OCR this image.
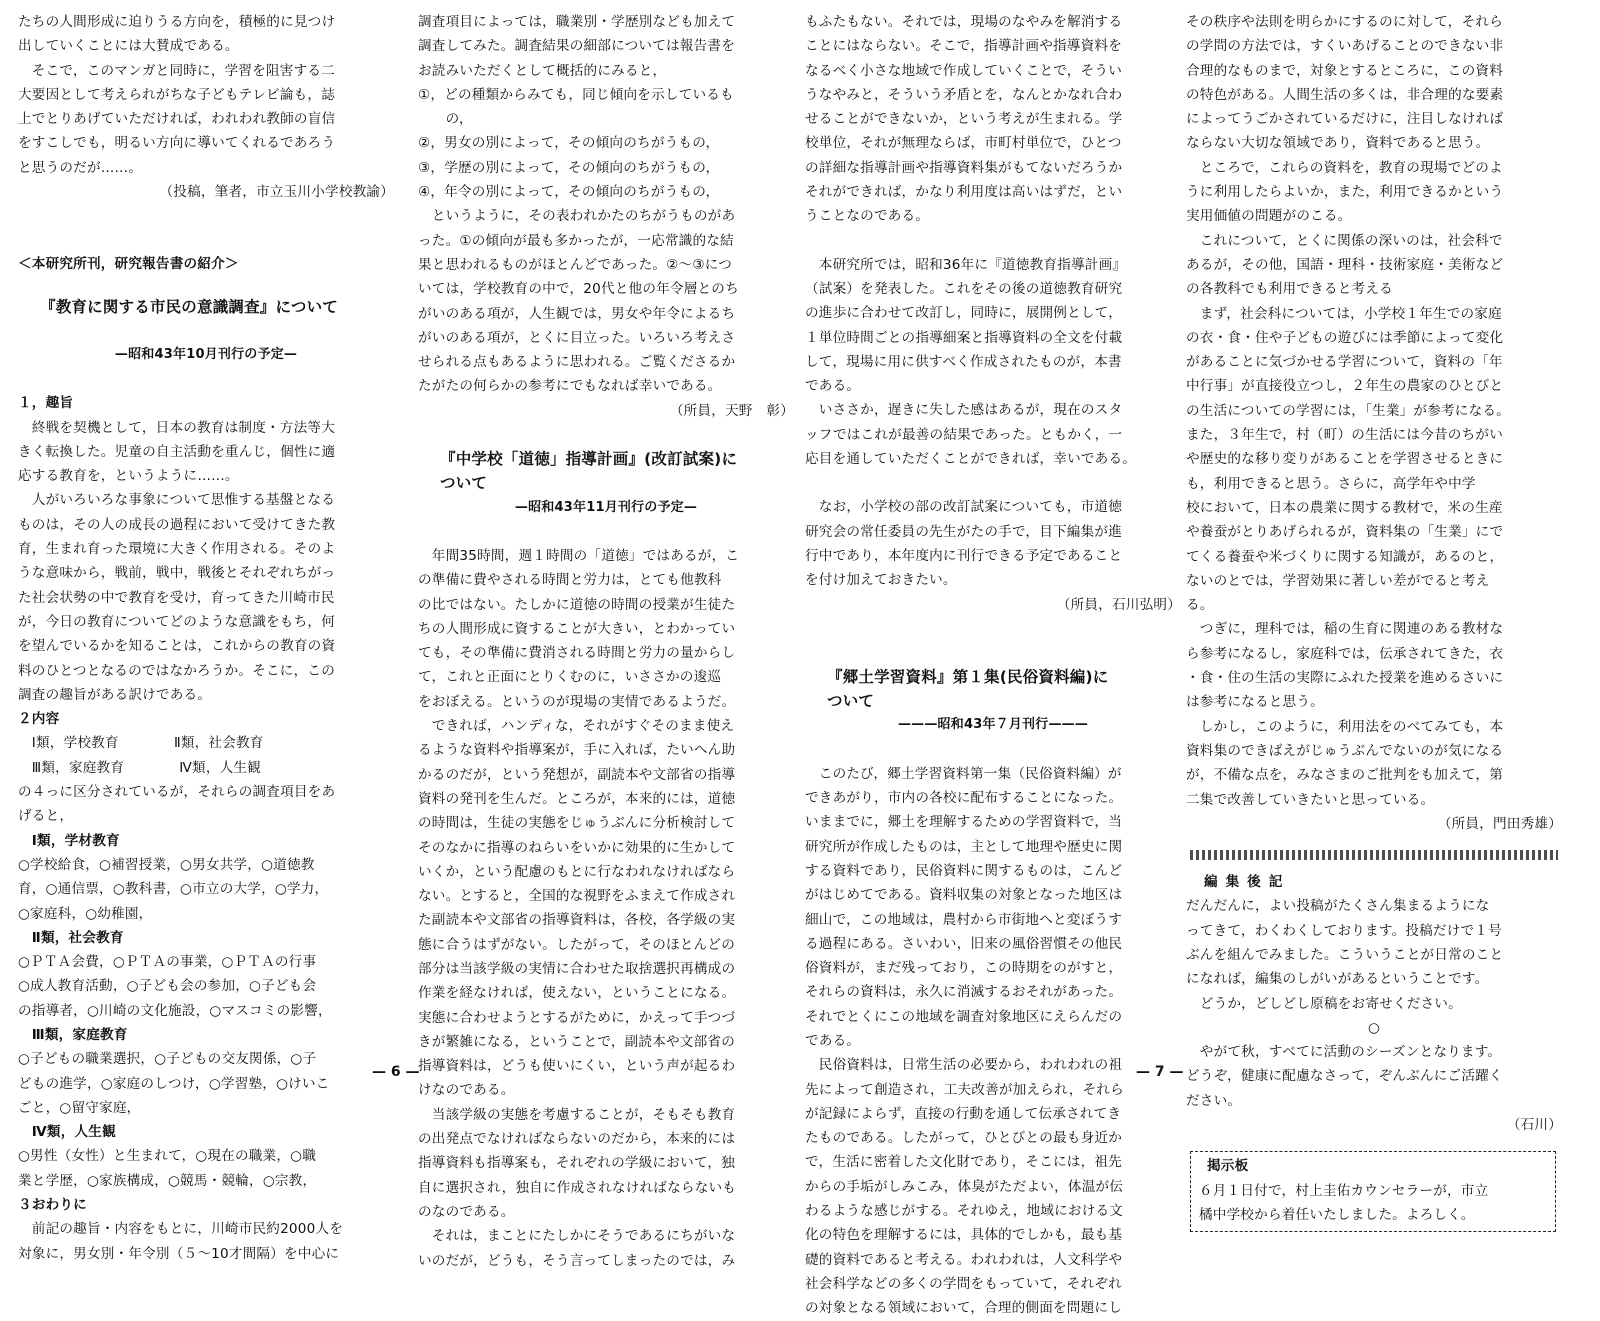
たちの人間形成に迫りうる方向を，積極的に見つけ

出していくことには大賛成である。

　そこで，このマンガと同時に，学習を阻害する二

大要因として考えられがちな子どもテレビ論も，誌

上でとりあげていただければ，われわれ教師の盲信

をすこしでも，明るい方向に導いてくれるであろう

と思うのだが……。

（投稿，筆者，市立玉川小学校教諭）

＜本研究所刊，研究報告書の紹介＞

『教育に関する市民の意識調査』について

—昭和43年10月刊行の予定—

１，趣旨

　終戦を契機として，日本の教育は制度・方法等大

きく転換した。児童の自主活動を重んじ，個性に適

応する教育を，というように……。

　人がいろいろな事象について思惟する基盤となる

ものは，その人の成長の過程において受けてきた教

育，生まれ育った環境に大きく作用される。そのよ

うな意味から，戦前，戦中，戦後とそれぞれちがっ

た社会状勢の中で教育を受け，育ってきた川崎市民

が，今日の教育についてどのような意識をもち，何

を望んでいるかを知ることは，これからの教育の資

料のひとつとなるのではなかろうか。そこに，この

調査の趣旨がある訳けである。

２内容

　Ⅰ類，学校教育　　　　Ⅱ類，社会教育

　Ⅲ類，家庭教育　　　　Ⅳ類，人生観

の４っに区分されているが，それらの調査項目をあ

げると，

　Ⅰ類，学材教育

○学校給食，○補習授業，○男女共学，○道徳教

育，○通信票，○教科書，○市立の大学，○学力，

○家庭科，○幼稚園，

　Ⅱ類，社会教育

○ＰＴＡ会費，○ＰＴＡの事業，○ＰＴＡの行事

○成人教育活動，○子ども会の参加，○子ども会

の指導者，○川崎の文化施設，○マスコミの影響，

　Ⅲ類，家庭教育

○子どもの職業選択，○子どもの交友関係，○子

どもの進学，○家庭のしつけ，○学習塾，○けいこ

ごと，○留守家庭，

　Ⅳ類，人生観

○男性（女性）と生まれて，○現在の職業，○職

業と学歴，○家族構成，○競馬・競輪，○宗教，

３おわりに

　前記の趣旨・内容をもとに，川崎市民約2000人を

対象に，男女別・年令別（５～10才間隔）を中心に

調査項目によっては，職業別・学歴別なども加えて

調査してみた。調査結果の細部については報告書を

お読みいただくとして概括的にみると，

①，どの種類からみても，同じ傾向を示しているも

　　の，

②，男女の別によって，その傾向のちがうもの，

③，学歴の別によって，その傾向のちがうもの，

④，年令の別によって，その傾向のちがうもの，

　というように，その表われかたのちがうものがあ

った。①の傾向が最も多かったが，一応常識的な結

果と思われるものがほとんどであった。②～③につ

いては，学校教育の中で，20代と他の年令層とのち

がいのある項が，人生観では，男女や年令によるち

がいのある項が，とくに目立った。いろいろ考えさ

せられる点もあるように思われる。ご覧くださるか

たがたの何らかの参考にでもなれば幸いである。

（所員，天野　彰）

『中学校「道徳」指導計画』(改訂試案)に

ついて

—昭和43年11月刊行の予定—

　年間35時間，週１時間の「道徳」ではあるが，こ

の準備に費やされる時間と労力は，とても他教科

の比ではない。たしかに道徳の時間の授業が生徒た

ちの人間形成に資することが大きい，とわかってい

ても，その準備に費消される時間と労力の量からし

て，これと正面にとりくむのに，いささかの逡巡

をおぼえる。というのが現場の実情であるようだ。

　できれば，ハンディな，それがすぐそのまま使え

るような資料や指導案が，手に入れば，たいへん助

かるのだが，という発想が，副読本や文部省の指導

資料の発刊を生んだ。ところが，本来的には，道徳

の時間は，生徒の実態をじゅうぶんに分析検討して

そのなかに指導のねらいをいかに効果的に生かして

いくか，という配慮のもとに行なわれなければなら

ない。とすると，全国的な視野をふまえて作成され

た副読本や文部省の指導資料は，各校，各学級の実

態に合うはずがない。したがって，そのほとんどの

部分は当該学級の実情に合わせた取捨選択再構成の

作業を経なければ，使えない，ということになる。

実態に合わせようとするがために，かえって手つづ

きが繁雑になる，ということで，副読本や文部省の

指導資料は，どうも使いにくい，という声が起るわ

けなのである。

　当該学級の実態を考慮することが，そもそも教育

の出発点でなければならないのだから，本来的には

指導資料も指導案も，それぞれの学級において，独

自に選択され，独自に作成されなければならないも

のなのである。

　それは，まことにたしかにそうであるにちがいな

いのだが，どうも，そう言ってしまったのでは，み

もふたもない。それでは，現場のなやみを解消する

ことにはならない。そこで，指導計画や指導資料を

なるべく小さな地域で作成していくことで，そうい

うなやみと，そういう矛盾とを，なんとかなれ合わ

せることができないか，という考えが生まれる。学

校単位，それが無理ならば，市町村単位で，ひとつ

の詳細な指導計画や指導資料集がもてないだろうか

それができれば，かなり利用度は高いはずだ，とい

うことなのである。

　本研究所では，昭和36年に『道徳教育指導計画』

（試案）を発表した。これをその後の道徳教育研究

の進歩に合わせて改訂し，同時に，展開例として，

１単位時間ごとの指導細案と指導資料の全文を付載

して，現場に用に供すべく作成されたものが，本書

である。

　いささか，遅きに失した感はあるが，現在のスタ

ッフではこれが最善の結果であった。ともかく，一

応目を通していただくことができれば，幸いである。

　なお，小学校の部の改訂試案についても，市道徳

研究会の常任委員の先生がたの手で，目下編集が進

行中であり，本年度内に刊行できる予定であること

を付け加えておきたい。

（所員，石川弘明）

『郷土学習資料』第１集(民俗資料編)に

ついて

———昭和43年７月刊行———

　このたび，郷土学習資料第一集（民俗資料編）が

できあがり，市内の各校に配布することになった。

いままでに，郷土を理解するための学習資料で，当

研究所が作成したものは，主として地理や歴史に関

する資料であり，民俗資料に関するものは，こんど

がはじめてである。資料収集の対象となった地区は

細山で，この地域は，農村から市街地へと変ぼうす

る過程にある。さいわい，旧来の風俗習慣その他民

俗資料が，まだ残っており，この時期をのがすと，

それらの資料は，永久に消滅するおそれがあった。

それでとくにこの地域を調査対象地区にえらんだの

である。

　民俗資料は，日常生活の必要から，われわれの祖

先によって創造され，工夫改善が加えられ，それら

が記録によらず，直接の行動を通して伝承されてき

たものである。したがって，ひとびとの最も身近か

で，生活に密着した文化財であり，そこには，祖先

からの手垢がしみこみ，体臭がただよい，体温が伝

わるような感じがする。それゆえ，地域における文

化の特色を理解するには，具体的でしかも，最も基

礎的資料であると考える。われわれは，人文科学や

社会科学などの多くの学問をもっていて，それぞれ

の対象となる領域において，合理的側面を問題にし

その秩序や法則を明らかにするのに対して，それら

の学問の方法では，すくいあげることのできない非

合理的なものまで，対象とするところに，この資料

の特色がある。人間生活の多くは，非合理的な要素

によってうごかされているだけに，注目しなければ

ならない大切な領域であり，資料であると思う。

　ところで，これらの資料を，教育の現場でどのよ

うに利用したらよいか，また，利用できるかという

実用価値の問題がのこる。

　これについて，とくに関係の深いのは，社会科で

あるが，その他，国語・理科・技術家庭・美術など

の各教科でも利用できると考える

　まず，社会科については，小学校１年生での家庭

の衣・食・住や子どもの遊びには季節によって変化

があることに気づかせる学習について，資料の「年

中行事」が直接役立つし，２年生の農家のひとびと

の生活についての学習には，「生業」が参考になる。

また，３年生で，村（町）の生活には今昔のちがい

や歴史的な移り変りがあることを学習させるときに

も，利用できると思う。さらに，高学年や中学

校において，日本の農業に関する教材で，米の生産

や養蚕がとりあげられるが，資料集の「生業」にで

てくる養蚕や米づくりに関する知識が，あるのと，

ないのとでは，学習効果に著しい差がでると考え

る。

　つぎに，理科では，稲の生育に関連のある教材な

ら参考になるし，家庭科では，伝承されてきた，衣

・食・住の生活の実際にふれた授業を進めるさいに

は参考になると思う。

　しかし，このように，利用法をのべてみても，本

資料集のできばえがじゅうぶんでないのが気になる

が，不備な点を，みなさまのご批判をも加えて，第

二集で改善していきたいと思っている。

（所員，門田秀雄）

編集後記

だんだんに，よい投稿がたくさん集まるようにな

ってきて，わくわくしております。投稿だけで１号

ぶんを組んでみました。こういうことが日常のこと

になれば，編集のしがいがあるということです。

　どうか，どしどし原稿をお寄せください。

○

　やがて秋，すべてに活動のシーズンとなります。

どうぞ，健康に配慮なさって，ぞんぶんにご活躍く

ださい。

（石川）

掲示板

６月１日付で，村上圭佑カウンセラーが，市立

橘中学校から着任いたしました。よろしく。

— 6 —	— 7 —
